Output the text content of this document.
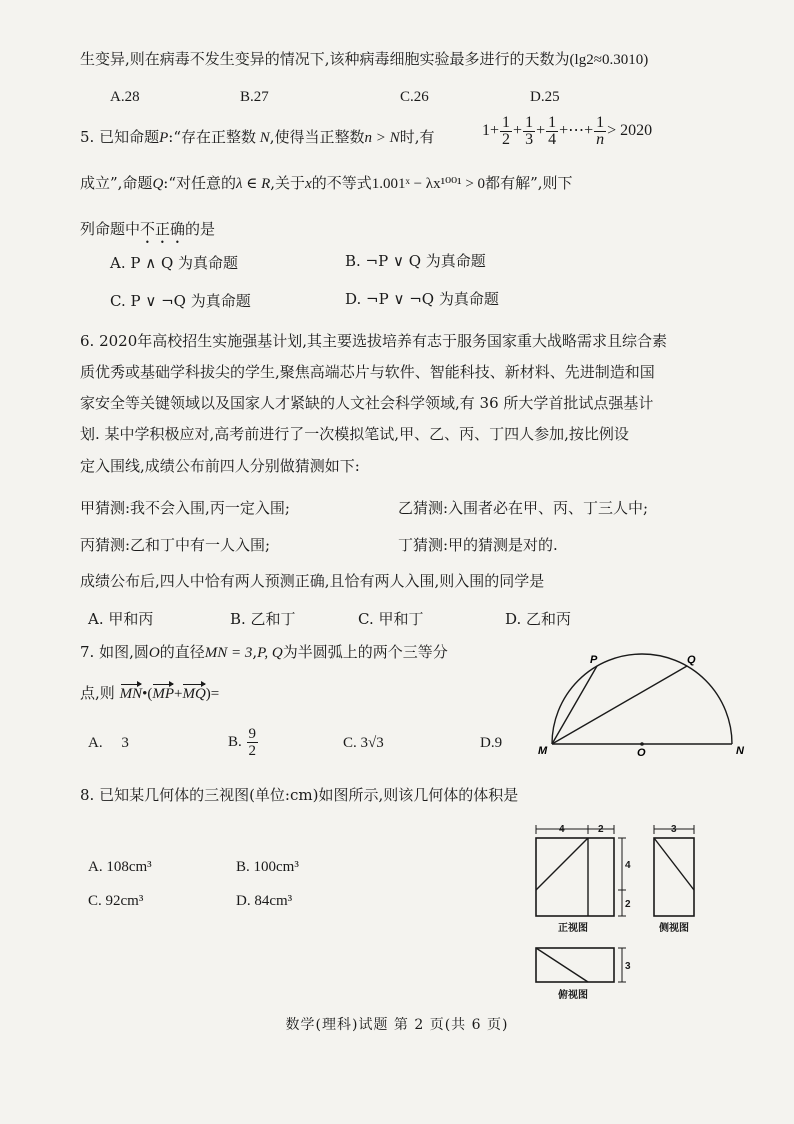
生变异,则在病毒不发生变异的情况下,该种病毒细胞实验最多进行的天数为(lg2≈0.3010)
A.28	B.27	C.26	D.25
5. 已知命题P:“存在正整数 N,使得当正整数n > N时,有	$1+ \frac{1}{2} + \frac{1}{3} + \frac{1}{4}$ +⋯+ $\frac{1}{n} > 2020$
成立”,命题Q:“对任意的λ ∈ R,关于x的不等式1.001ˣ − λx¹⁰⁰¹ > 0都有解”,则下
列命题中不正确的是
A. P ∧ Q 为真命题	B. ¬P ∨ Q 为真命题
C. P ∨ ¬Q 为真命题	D. ¬P ∨ ¬Q 为真命题
6. 2020年高校招生实施强基计划,其主要选拔培养有志于服务国家重大战略需求且综合素
质优秀或基础学科拔尖的学生,聚焦高端芯片与软件、智能科技、新材料、先进制造和国
家安全等关键领域以及国家人才紧缺的人文社会科学领域,有 36 所大学首批试点强基计
划. 某中学积极应对,高考前进行了一次模拟笔试,甲、乙、丙、丁四人参加,按比例设
定入围线,成绩公布前四人分别做猜测如下:
甲猜测:我不会入围,丙一定入围;	乙猜测:入围者必在甲、丙、丁三人中;
丙猜测:乙和丁中有一人入围;	丁猜测:甲的猜测是对的.
成绩公布后,四人中恰有两人预测正确,且恰有两人入围,则入围的同学是
A. 甲和丙	B. 乙和丁	C. 甲和丁	D. 乙和丙
7. 如图,圆O的直径MN = 3,P, Q为半圆弧上的两个三等分
点,则 MN•(MP+MQ)=
A. 3	B. $\frac{9}{2}$	C. 3√3	D.9
P	Q
M	O	N
8. 已知某几何体的三视图(单位:cm)如图所示,则该几何体的体积是
A. 108cm³	B. 100cm³
C. 92cm³	D. 84cm³
4	2
4
2
3
3
正视图	侧视图
俯视图
数学(理科)试题 第 2 页(共 6 页)
